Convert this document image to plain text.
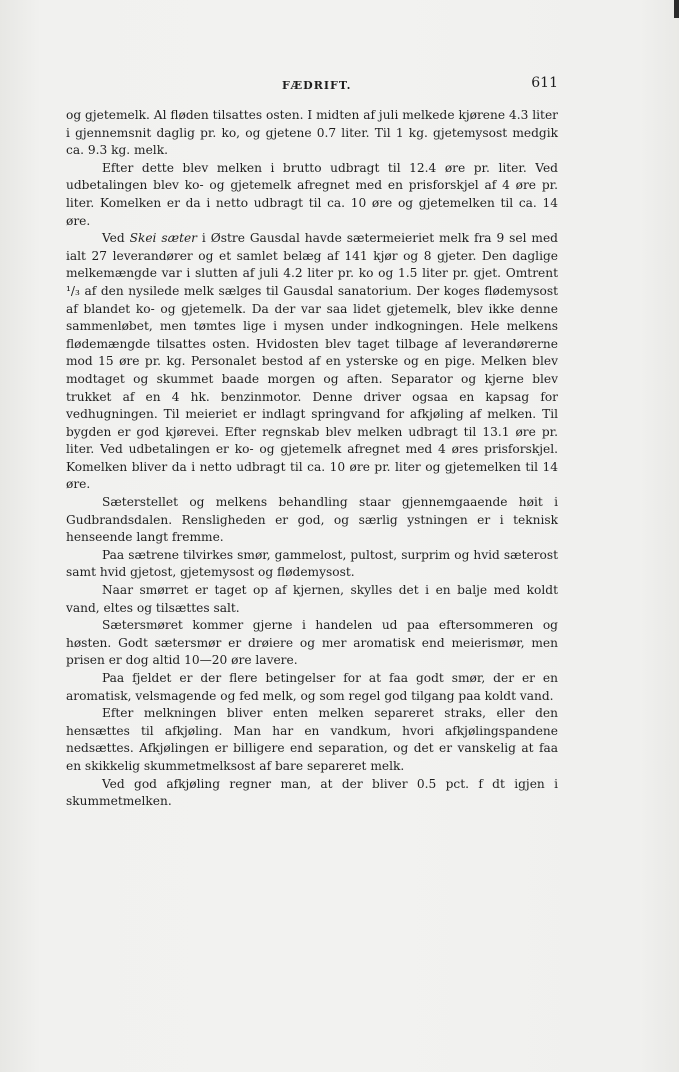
FÆDRIFT.	611

og gjetemelk. Al fløden tilsattes osten. I midten af juli melkede kjørene 4.3 liter i gjennemsnit daglig pr. ko, og gjetene 0.7 liter. Til 1 kg. gjetemysost medgik ca. 9.3 kg. melk.

Efter dette blev melken i brutto udbragt til 12.4 øre pr. liter. Ved udbetalingen blev ko- og gjetemelk afregnet med en prisforskjel af 4 øre pr. liter. Komelken er da i netto udbragt til ca. 10 øre og gjetemelken til ca. 14 øre.

Ved Skei sæter i Østre Gausdal havde sætermeieriet melk fra 9 sel med ialt 27 leverandører og et samlet belæg af 141 kjør og 8 gjeter. Den daglige melkemængde var i slutten af juli 4.2 liter pr. ko og 1.5 liter pr. gjet. Omtrent ¹/₃ af den nysilede melk sælges til Gausdal sanatorium. Der koges flødemysost af blandet ko- og gjetemelk. Da der var saa lidet gjetemelk, blev ikke denne sammenløbet, men tømtes lige i mysen under indkogningen. Hele melkens flødemængde tilsattes osten. Hvidosten blev taget tilbage af leverandørerne mod 15 øre pr. kg. Personalet bestod af en ysterske og en pige. Melken blev modtaget og skummet baade morgen og aften. Separator og kjerne blev trukket af en 4 hk. benzinmotor. Denne driver ogsaa en kapsag for vedhugningen. Til meieriet er indlagt springvand for afkjøling af melken. Til bygden er god kjørevei. Efter regnskab blev melken udbragt til 13.1 øre pr. liter. Ved udbetalingen er ko- og gjetemelk afregnet med 4 øres prisforskjel. Komelken bliver da i netto udbragt til ca. 10 øre pr. liter og gjetemelken til 14 øre.

Sæterstellet og melkens behandling staar gjennemgaaende høit i Gudbrandsdalen. Rensligheden er god, og særlig ystningen er i teknisk henseende langt fremme.

Paa sætrene tilvirkes smør, gammelost, pultost, surprim og hvid sæterost samt hvid gjetost, gjetemysost og flødemysost.

Naar smørret er taget op af kjernen, skylles det i en balje med koldt vand, eltes og tilsættes salt.

Sætersmøret kommer gjerne i handelen ud paa eftersommeren og høsten. Godt sætersmør er drøiere og mer aromatisk end meierismør, men prisen er dog altid 10—20 øre lavere.

Paa fjeldet er der flere betingelser for at faa godt smør, der er en aromatisk, velsmagende og fed melk, og som regel god tilgang paa koldt vand.

Efter melkningen bliver enten melken separeret straks, eller den hensættes til afkjøling. Man har en vandkum, hvori afkjølingspandene nedsættes. Afkjølingen er billigere end separation, og det er vanskelig at faa en skikkelig skummetmelksost af bare separeret melk.

Ved god afkjøling regner man, at der bliver 0.5 pct. f dt igjen i skummetmelken.
